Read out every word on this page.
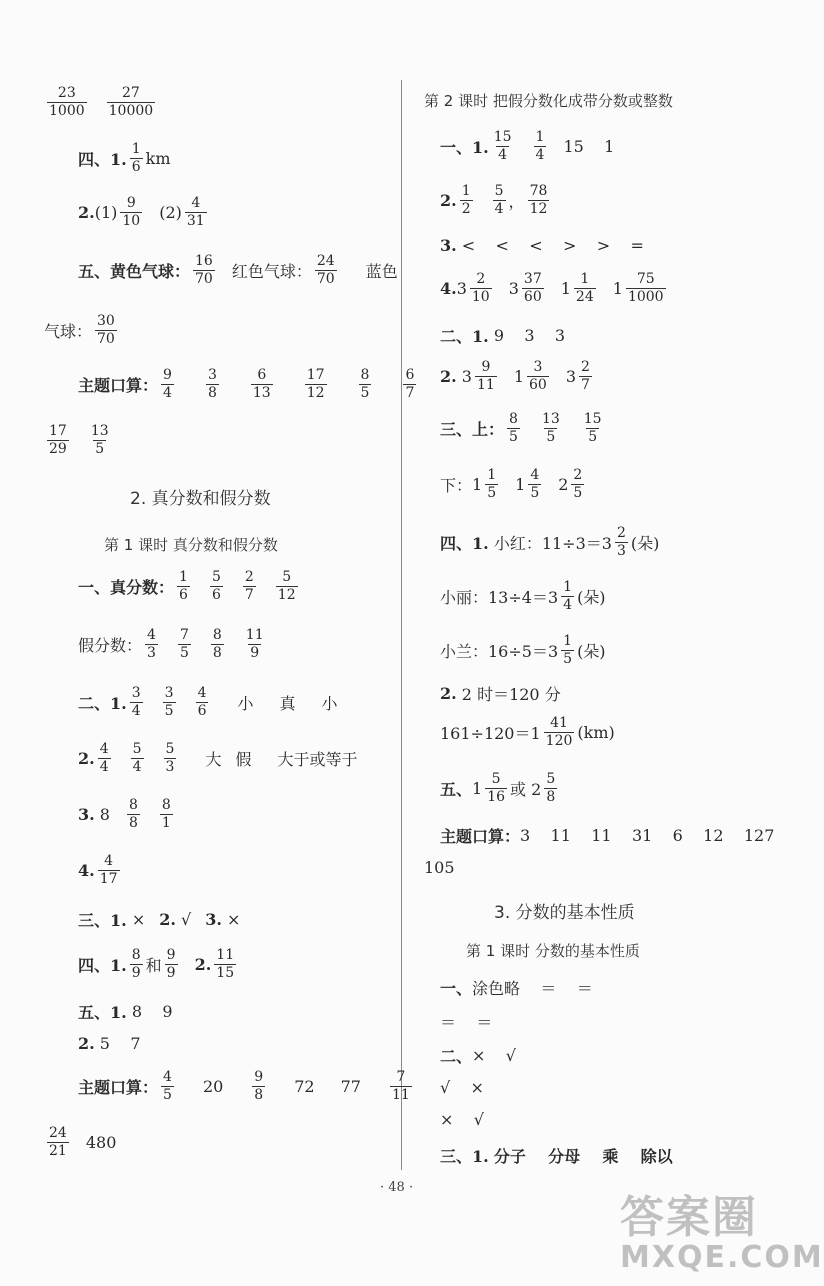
23
1000
27
10000
四、1.
1
6 km
2. (1) 9
10 (2) 4
31
五、黄色气球：
16
70 红色气球：
24
70 蓝色
气球：
30
70
主题口算：
9
4
3
8
6
13
17
12
8
5
6
7
17
29
13
5
2. 真分数和假分数
第 1 课时 真分数和假分数
一、真分数：
1
6
5
6
2
7
5
12
假分数：
4
3
7
5
8
8
11
9
二、1.
3
4
3
5
4
6 小 真 小
2. 4
4
5
4
5
3 大 假 大于或等于
3.
8 8
8
8
1
4. 4
17
三、1.
× 2.
√ 3.
×
四、1.
8
9 和
9
9 2. 11
15
五、1.
8    9
2.
5    7
主题口算：
4
5 20 9
8 72 77	7
11
24
21 480
第 2 课时 把假分数化成带分数或整数
一、1.
15
4
1
4 15    1
2. 1
2
5
4 ，
78
12
3.
<    <    <    >    >    =
4. 3 2
10 3 37
60 1 1
24 1 75
1000
二、1.
9    3    3
2.
3 9
11 1 3
60 3 2
7
三、上：
8
5
13
5
15
5
下： 1 1
5 1 4
5 2 2
5
四、1.
小红：11÷3＝3
2
3 (朵)
小丽：13÷4＝3
1
4 (朵)
小兰：16÷5＝3
1
5 (朵)
2.
2 时＝120 分
161÷120＝1
41
120 (km)
五、 1 5
16 或 2
5
8
主题口算： 3    11    11    31    6    12    127
105
3. 分数的基本性质
第 1 课时 分数的基本性质
一、 涂色略    ＝    ＝
＝    ＝
二、 ×    √
√    ×
×    √
三、1.
分子    分母    乘    除以
· 48 ·
答案圈
MXQE.COM
